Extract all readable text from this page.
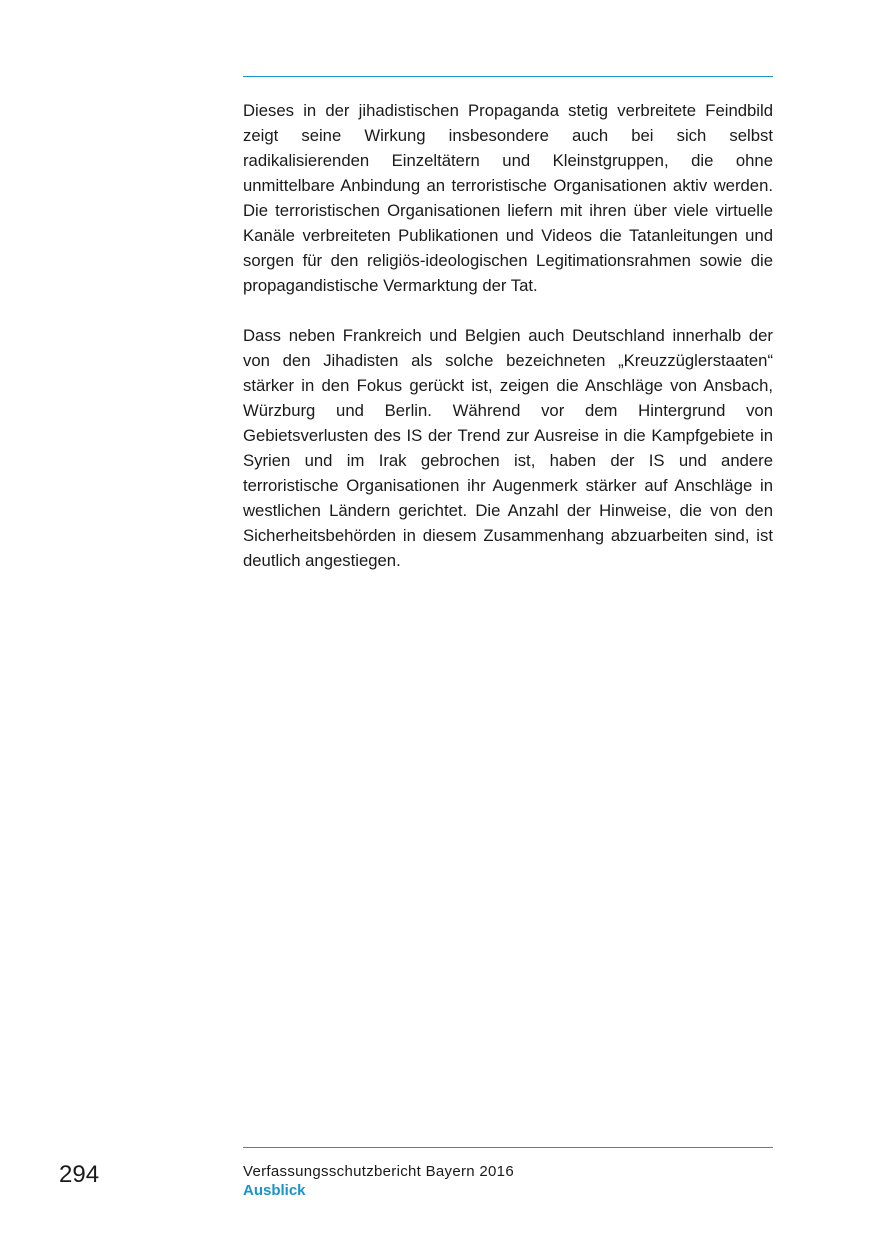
Dieses in der jihadistischen Propaganda stetig verbreitete Feindbild zeigt seine Wirkung insbesondere auch bei sich selbst radikalisierenden Einzeltätern und Kleinstgruppen, die ohne unmittelbare Anbindung an terroristische Organisationen aktiv werden. Die terroristischen Organisationen liefern mit ihren über viele virtuelle Kanäle verbreiteten Publikationen und Videos die Tatanleitungen und sorgen für den religiös-ideologischen Legitimationsrahmen sowie die propagandistische Vermarktung der Tat.

Dass neben Frankreich und Belgien auch Deutschland innerhalb der von den Jihadisten als solche bezeichneten „Kreuzzüglerstaaten“ stärker in den Fokus gerückt ist, zeigen die Anschläge von Ansbach, Würzburg und Berlin. Während vor dem Hintergrund von Gebietsverlusten des IS der Trend zur Ausreise in die Kampfgebiete in Syrien und im Irak gebrochen ist, haben der IS und andere terroristische Organisationen ihr Augenmerk stärker auf Anschläge in westlichen Ländern gerichtet. Die Anzahl der Hinweise, die von den Sicherheitsbehörden in diesem Zusammenhang abzuarbeiten sind, ist deutlich angestiegen.

294	Verfassungsschutzbericht Bayern 2016
Ausblick
